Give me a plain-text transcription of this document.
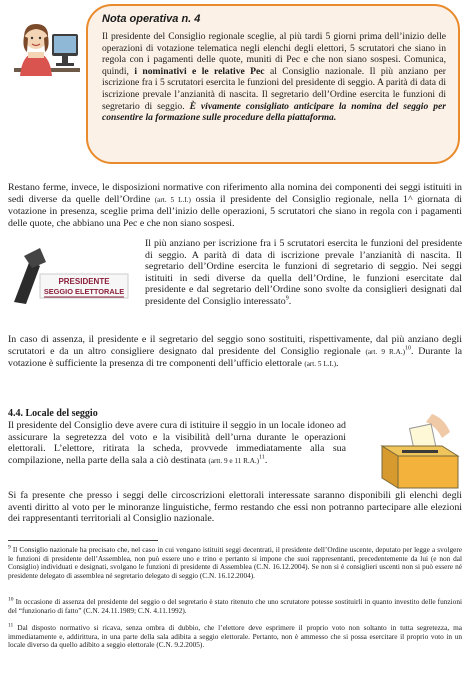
Nota operativa n. 4

Il presidente del Consiglio regionale sceglie, al più tardi 5 giorni prima dell’inizio delle operazioni di votazione telematica negli elenchi degli elettori, 5 scrutatori che siano in regola con i pagamenti delle quote, muniti di Pec e che non siano sospesi. Comunica, quindi, i nominativi e le relative Pec al Consiglio nazionale. Il più anziano per iscrizione fra i 5 scrutatori esercita le funzioni del presidente di seggio. A parità di data di iscrizione prevale l’anzianità di nascita. Il segretario dell’Ordine esercita le funzioni di segretario di seggio. È vivamente consigliato anticipare la nomina del seggio per consentire la formazione sulle procedure della piattaforma.

Restano ferme, invece, le disposizioni normative con riferimento alla nomina dei componenti dei seggi istituiti in sedi diverse da quelle dell’Ordine (art. 5 L.I.) ossia il presidente del Consiglio regionale, nella 1^ giornata di votazione in presenza, sceglie prima dell’inizio delle operazioni, 5 scrutatori che siano in regola con i pagamenti delle quote, che abbiano una Pec e che non siano sospesi.

PRESIDENTE
SEGGIO ELETTORALE

Il più anziano per iscrizione fra i 5 scrutatori esercita le funzioni del presidente di seggio. A parità di data di iscrizione prevale l’anzianità di nascita. Il segretario dell’Ordine esercita le funzioni di segretario di seggio. Nei seggi istituiti in sedi diverse da quella dell’Ordine, le funzioni esercitate dal presidente e dal segretario dell’Ordine sono svolte da consiglieri designati dal presidente del Consiglio interessato$^9$.

In caso di assenza, il presidente e il segretario del seggio sono sostituiti, rispettivamente, dal più anziano degli scrutatori e da un altro consigliere designato dal presidente del Consiglio regionale (art. 9 R.A.)$^{10}$. Durante la votazione è sufficiente la presenza di tre componenti dell’ufficio elettorale (art. 5 L.I.).

4.4. Locale del seggio

Il presidente del Consiglio deve avere cura di istituire il seggio in un locale idoneo ad assicurare la segretezza del voto e la visibilità dell’urna durante le operazioni elettorali. L’elettore, ritirata la scheda, provvede immediatamente alla sua compilazione, nella parte della sala a ciò destinata (artt. 9 e 11 R.A.)$^{11}$.

Si fa presente che presso i seggi delle circoscrizioni elettorali interessate saranno disponibili gli elenchi degli aventi diritto al voto per le minoranze linguistiche, fermo restando che essi non potranno partecipare alle elezioni dei rappresentanti territoriali al Consiglio nazionale.

$^9$ Il Consiglio nazionale ha precisato che, nel caso in cui vengano istituiti seggi decentrati, il presidente dell’Ordine uscente, deputato per legge a svolgere le funzioni di presidente dell’Assemblea, non può essere uno e trino e pertanto si impone che suoi rappresentanti, precedentemente da lui (e non dal Consiglio) individuati e designati, svolgano le funzioni di presidente di Assemblea (C.N. 16.12.2004). Se non si è consiglieri uscenti non si può essere né presidente delegato di assemblea né segretario delegato di seggio (C.N. 16.12.2004).

$^{10}$ In occasione di assenza del presidente del seggio o del segretario è stato ritenuto che uno scrutatore potesse sostituirli in quanto investito delle funzioni del “funzionario di fatto” (C.N. 24.11.1989; C.N. 4.11.1992).

$^{11}$ Dal disposto normativo si ricava, senza ombra di dubbio, che l’elettore deve esprimere il proprio voto non soltanto in tutta segretezza, ma immediatamente e, addirittura, in una parte della sala adibita a seggio elettorale. Pertanto, non è ammesso che si possa esercitare il proprio voto in un locale diverso da quello adibito a seggio elettorale (C.N. 9.2.2005).
